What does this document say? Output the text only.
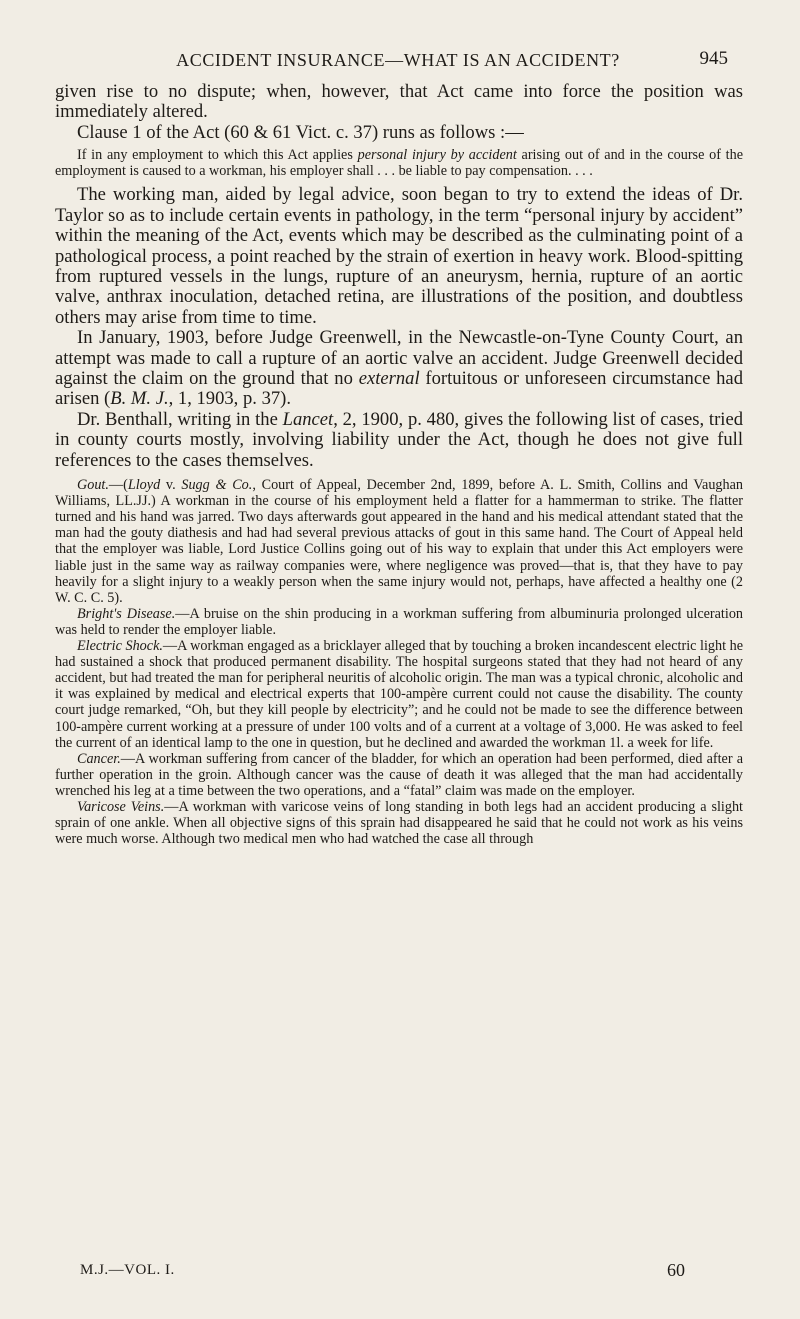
ACCIDENT INSURANCE—WHAT IS AN ACCIDENT?	945

given rise to no dispute; when, however, that Act came into force the position was immediately altered.

Clause 1 of the Act (60 & 61 Vict. c. 37) runs as follows :—

If in any employment to which this Act applies personal injury by accident arising out of and in the course of the employment is caused to a workman, his employer shall . . . be liable to pay compensation. . . .

The working man, aided by legal advice, soon began to try to extend the ideas of Dr. Taylor so as to include certain events in pathology, in the term “personal injury by accident” within the meaning of the Act, events which may be described as the culminating point of a pathological process, a point reached by the strain of exertion in heavy work. Blood-spitting from ruptured vessels in the lungs, rupture of an aneurysm, hernia, rupture of an aortic valve, anthrax inoculation, detached retina, are illustrations of the position, and doubtless others may arise from time to time.

In January, 1903, before Judge Greenwell, in the Newcastle-on-Tyne County Court, an attempt was made to call a rupture of an aortic valve an accident. Judge Greenwell decided against the claim on the ground that no external fortuitous or unforeseen circumstance had arisen (B. M. J., 1, 1903, p. 37).

Dr. Benthall, writing in the Lancet, 2, 1900, p. 480, gives the following list of cases, tried in county courts mostly, involving liability under the Act, though he does not give full references to the cases themselves.

Gout.—(Lloyd v. Sugg & Co., Court of Appeal, December 2nd, 1899, before A. L. Smith, Collins and Vaughan Williams, LL.JJ.) A workman in the course of his employment held a flatter for a hammerman to strike. The flatter turned and his hand was jarred. Two days afterwards gout appeared in the hand and his medical attendant stated that the man had the gouty diathesis and had had several previous attacks of gout in this same hand. The Court of Appeal held that the employer was liable, Lord Justice Collins going out of his way to explain that under this Act employers were liable just in the same way as railway companies were, where negligence was proved—that is, that they have to pay heavily for a slight injury to a weakly person when the same injury would not, perhaps, have affected a healthy one (2 W. C. C. 5).

Bright's Disease.—A bruise on the shin producing in a workman suffering from albuminuria prolonged ulceration was held to render the employer liable.

Electric Shock.—A workman engaged as a bricklayer alleged that by touching a broken incandescent electric light he had sustained a shock that produced permanent disability. The hospital surgeons stated that they had not heard of any accident, but had treated the man for peripheral neuritis of alcoholic origin. The man was a typical chronic, alcoholic and it was explained by medical and electrical experts that 100-ampère current could not cause the disability. The county court judge remarked, “Oh, but they kill people by electricity”; and he could not be made to see the difference between 100-ampère current working at a pressure of under 100 volts and of a current at a voltage of 3,000. He was asked to feel the current of an identical lamp to the one in question, but he declined and awarded the workman 1l. a week for life.

Cancer.—A workman suffering from cancer of the bladder, for which an operation had been performed, died after a further operation in the groin. Although cancer was the cause of death it was alleged that the man had accidentally wrenched his leg at a time between the two operations, and a “fatal” claim was made on the employer.

Varicose Veins.—A workman with varicose veins of long standing in both legs had an accident producing a slight sprain of one ankle. When all objective signs of this sprain had disappeared he said that he could not work as his veins were much worse. Although two medical men who had watched the case all through

M.J.—VOL. I.	60
